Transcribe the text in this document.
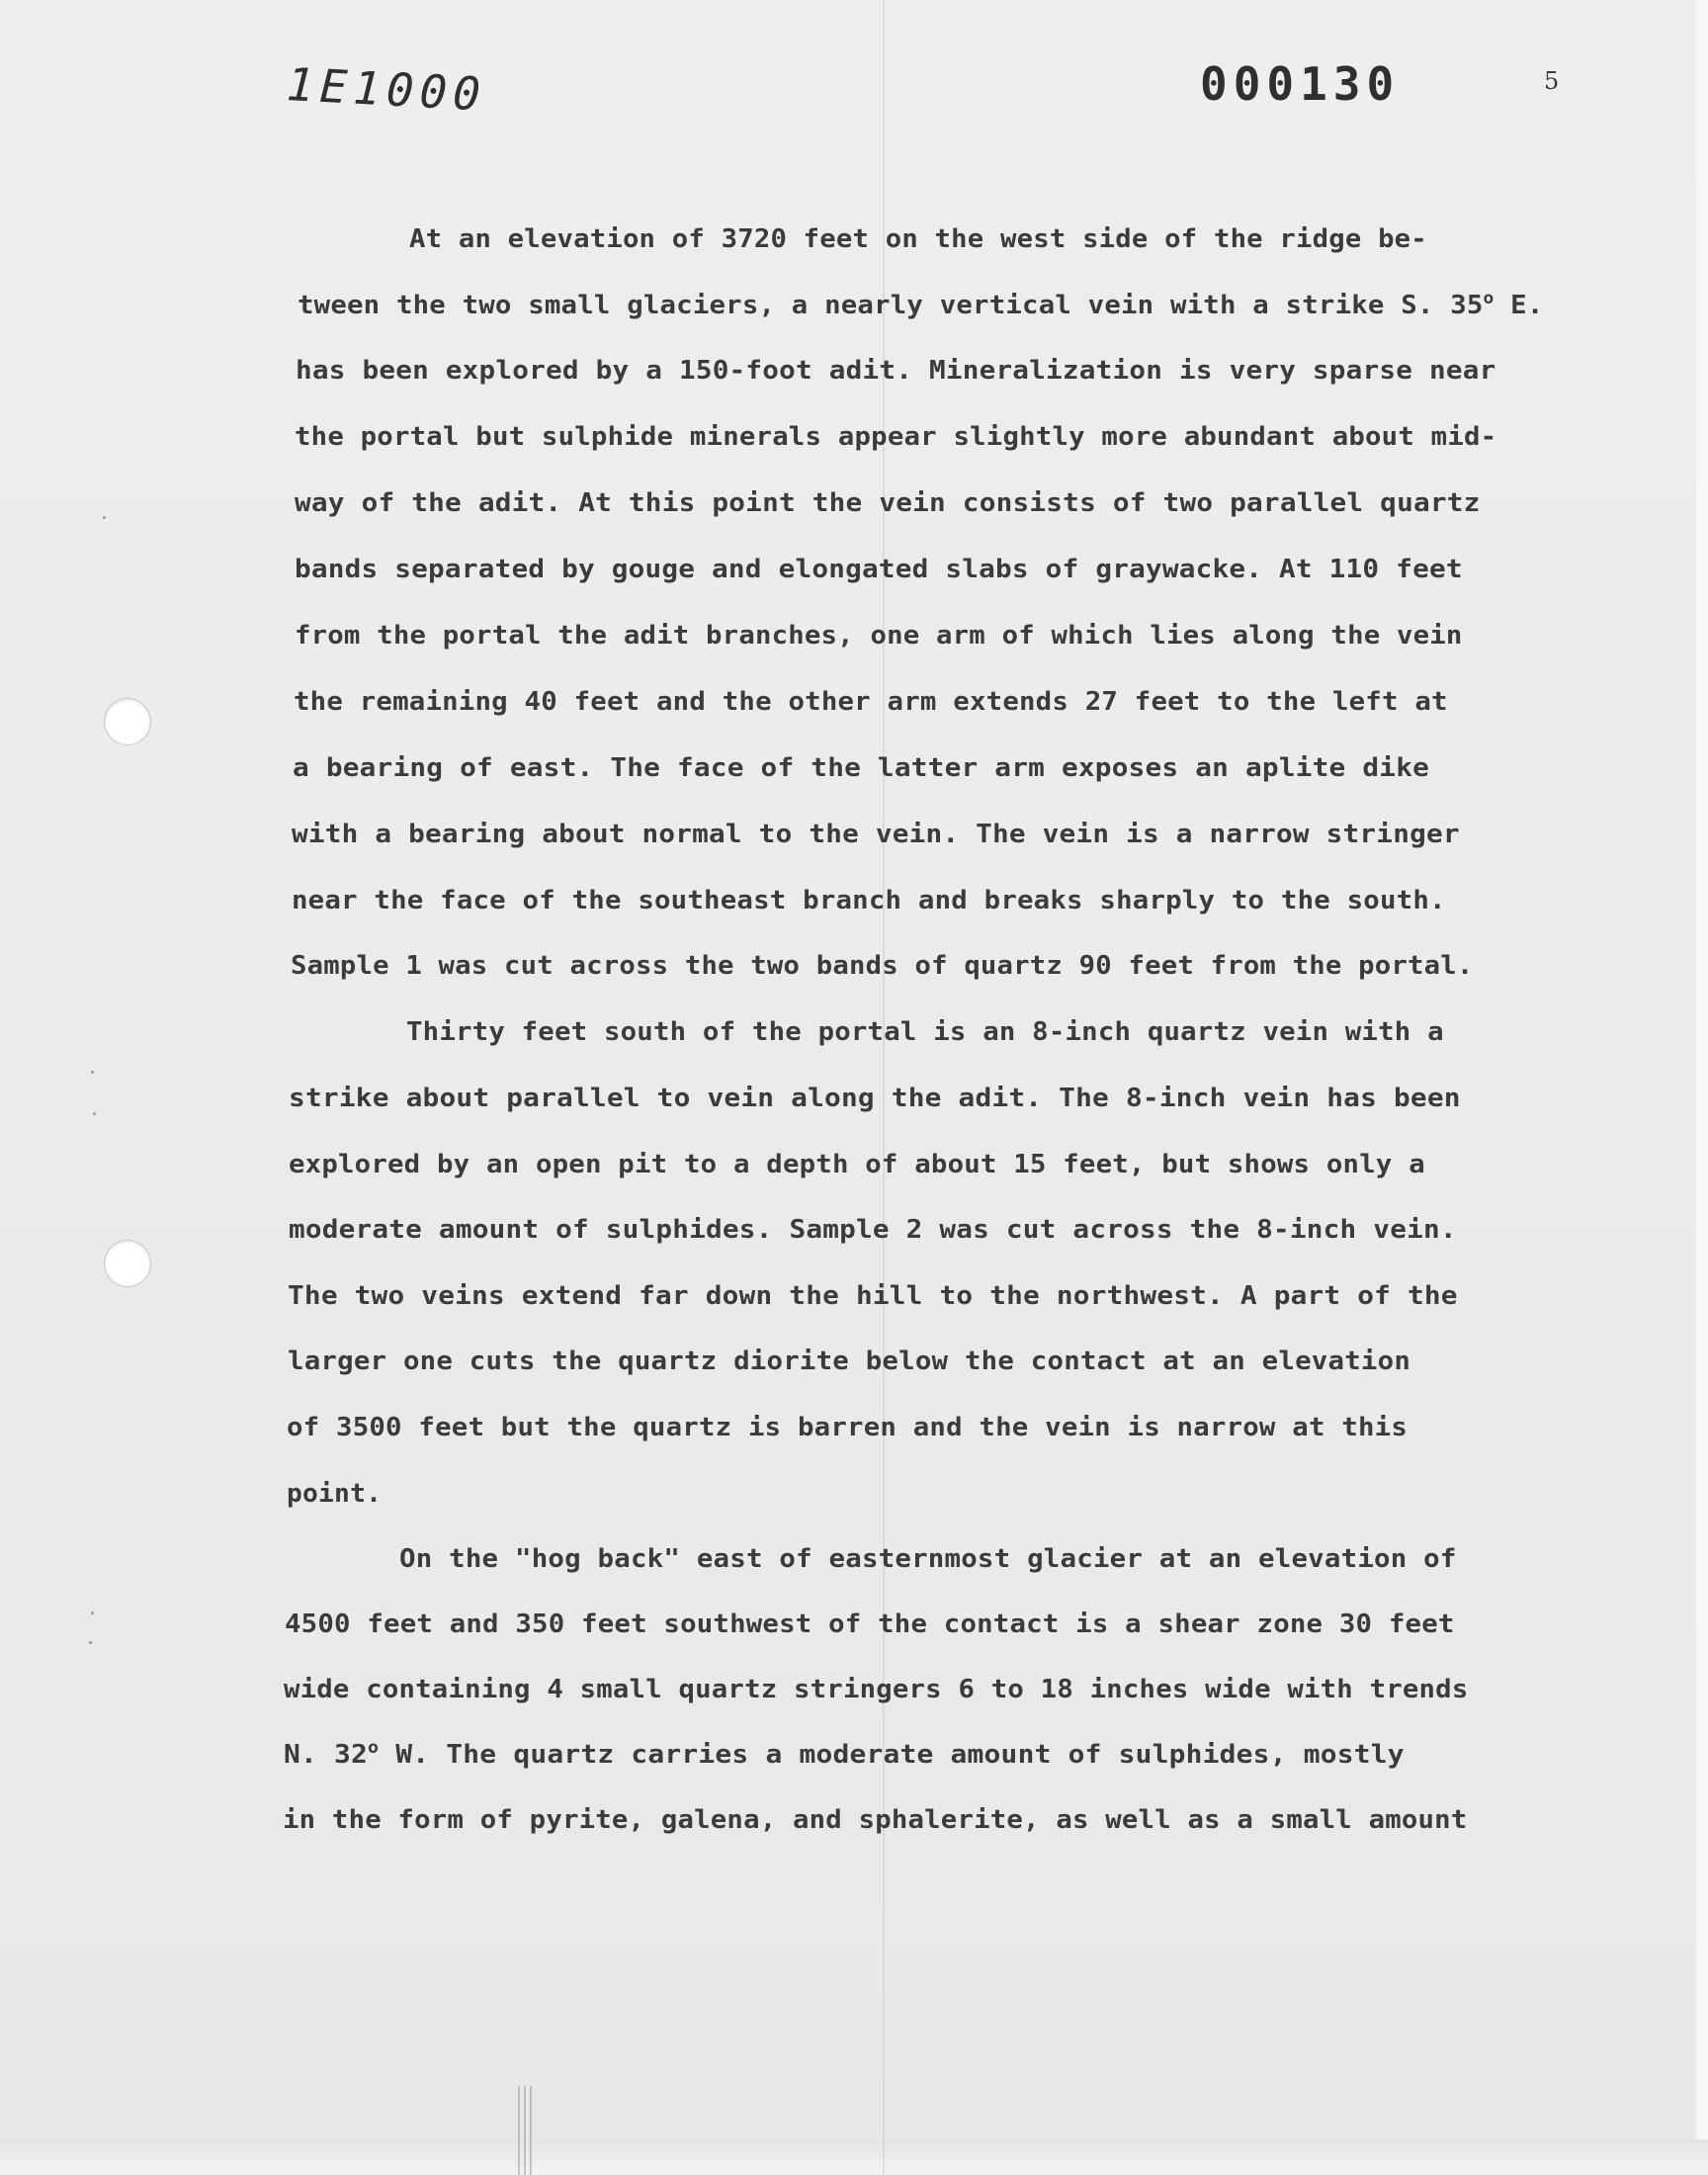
1E1000	000130	5
At an elevation of 3720 feet on the west side of the ridge be-
tween the two small glaciers, a nearly vertical vein with a strike S. 35$^o$ E.
has been explored by a 150-foot adit. Mineralization is very sparse near
the portal but sulphide minerals appear slightly more abundant about mid-
way of the adit. At this point the vein consists of two parallel quartz
bands separated by gouge and elongated slabs of graywacke. At 110 feet
from the portal the adit branches, one arm of which lies along the vein
the remaining 40 feet and the other arm extends 27 feet to the left at
a bearing of east. The face of the latter arm exposes an aplite dike
with a bearing about normal to the vein. The vein is a narrow stringer
near the face of the southeast branch and breaks sharply to the south.
Sample 1 was cut across the two bands of quartz 90 feet from the portal.
Thirty feet south of the portal is an 8-inch quartz vein with a
strike about parallel to vein along the adit. The 8-inch vein has been
explored by an open pit to a depth of about 15 feet, but shows only a
moderate amount of sulphides. Sample 2 was cut across the 8-inch vein.
The two veins extend far down the hill to the northwest. A part of the
larger one cuts the quartz diorite below the contact at an elevation
of 3500 feet but the quartz is barren and the vein is narrow at this
point.
On the "hog back" east of easternmost glacier at an elevation of
4500 feet and 350 feet southwest of the contact is a shear zone 30 feet
wide containing 4 small quartz stringers 6 to 18 inches wide with trends
N. 32$^o$ W. The quartz carries a moderate amount of sulphides, mostly
in the form of pyrite, galena, and sphalerite, as well as a small amount
